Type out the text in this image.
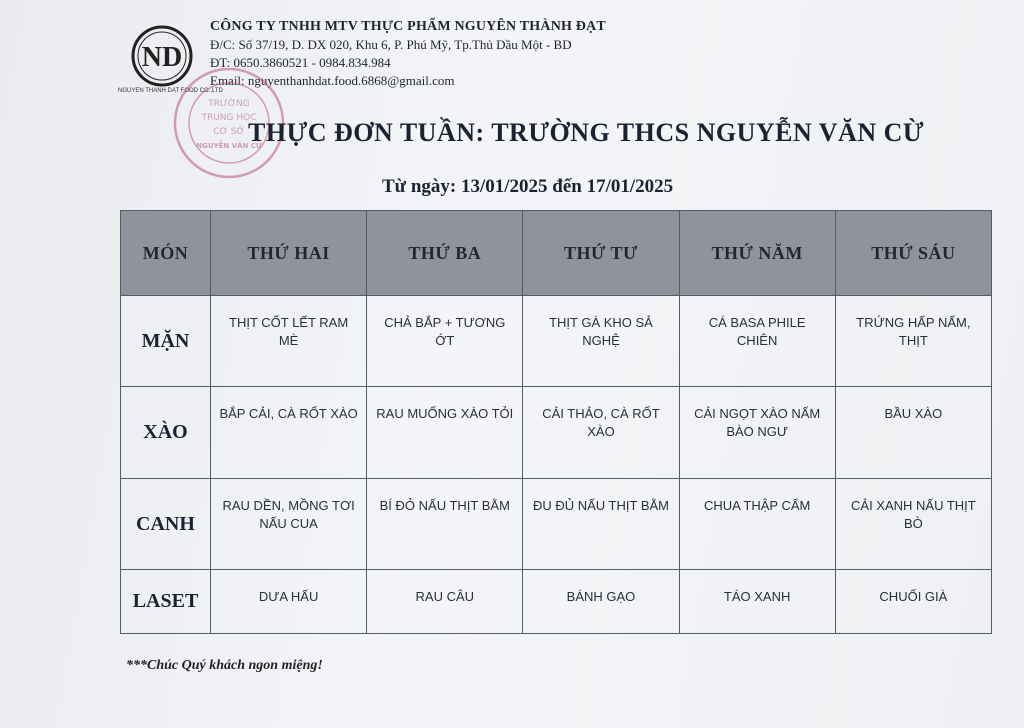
ND
NGUYEN THANH DAT FOOD CO.,LTD
CÔNG TY TNHH MTV THỰC PHẨM NGUYÊN THÀNH ĐẠT
Đ/C: Số 37/19, D. DX 020, Khu 6, P. Phú Mỹ, Tp.Thủ Dầu Một - BD
ĐT: 0650.3860521 - 0984.834.984
Email: nguyenthanhdat.food.6868@gmail.com
TRƯỜNG
TRUNG HỌC
CƠ SỞ
NGUYỄN VĂN CỪ
THỰC ĐƠN TUẦN: TRƯỜNG THCS NGUYỄN VĂN CỪ
Từ ngày: 13/01/2025 đến 17/01/2025
MÓN	THỨ HAI	THỨ BA	THỨ TƯ	THỨ NĂM	THỨ SÁU
MẶN	THỊT CỐT LẾT RAM MÈ	CHẢ BẮP + TƯƠNG ỚT	THỊT GÀ KHO SẢ NGHỆ	CÁ BASA PHILE CHIÊN	TRỨNG HẤP NẤM, THỊT
XÀO	BẮP CẢI, CÀ RỐT XÀO	RAU MUỐNG XÀO TỎI	CẢI THẢO, CÀ RỐT XÀO	CẢI NGỌT XÀO NẤM BÀO NGƯ	BẦU XÀO
CANH	RAU DỀN, MỒNG TƠI NẤU CUA	BÍ ĐỎ NẤU THỊT BẰM	ĐU ĐỦ NẤU THỊT BẰM	CHUA THẬP CẨM	CẢI XANH NẤU THỊT BÒ
LASET	DƯA HẤU	RAU CÂU	BÁNH GẠO	TÁO XANH	CHUỐI GIÀ
***Chúc Quý khách ngon miệng!
